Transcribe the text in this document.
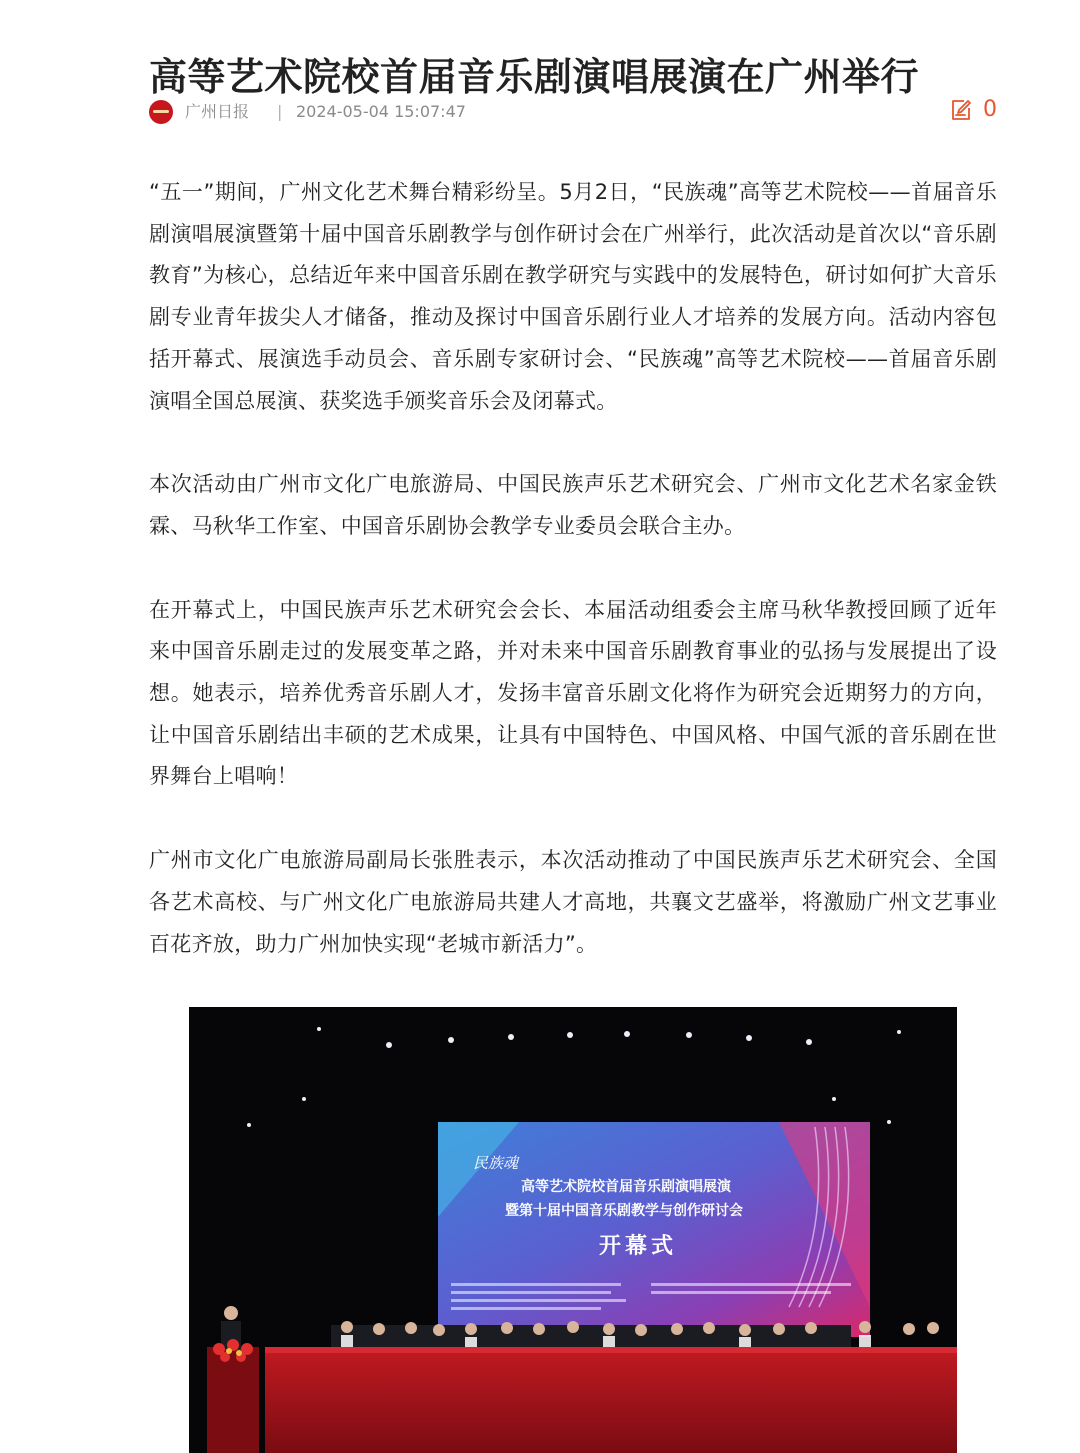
高等艺术院校首届音乐剧演唱展演在广州举行
广州日报 | 2024-05-04 15:07:47	0

“五一”期间，广州文化艺术舞台精彩纷呈。5月2日，“民族魂”高等艺术院校——首届音乐剧演唱展演暨第十届中国音乐剧教学与创作研讨会在广州举行，此次活动是首次以“音乐剧教育”为核心，总结近年来中国音乐剧在教学研究与实践中的发展特色，研讨如何扩大音乐剧专业青年拔尖人才储备，推动及探讨中国音乐剧行业人才培养的发展方向。活动内容包括开幕式、展演选手动员会、音乐剧专家研讨会、“民族魂”高等艺术院校——首届音乐剧演唱全国总展演、获奖选手颁奖音乐会及闭幕式。

本次活动由广州市文化广电旅游局、中国民族声乐艺术研究会、广州市文化艺术名家金铁霖、马秋华工作室、中国音乐剧协会教学专业委员会联合主办。

在开幕式上，中国民族声乐艺术研究会会长、本届活动组委会主席马秋华教授回顾了近年来中国音乐剧走过的发展变革之路，并对未来中国音乐剧教育事业的弘扬与发展提出了设想。她表示，培养优秀音乐剧人才，发扬丰富音乐剧文化将作为研究会近期努力的方向，让中国音乐剧结出丰硕的艺术成果，让具有中国特色、中国风格、中国气派的音乐剧在世界舞台上唱响！

广州市文化广电旅游局副局长张胜表示，本次活动推动了中国民族声乐艺术研究会、全国各艺术高校、与广州文化广电旅游局共建人才高地，共襄文艺盛举，将激励广州文艺事业百花齐放，助力广州加快实现“老城市新活力”。

民族魂
高等艺术院校首届音乐剧演唱展演
暨第十届中国音乐剧教学与创作研讨会
开幕式
